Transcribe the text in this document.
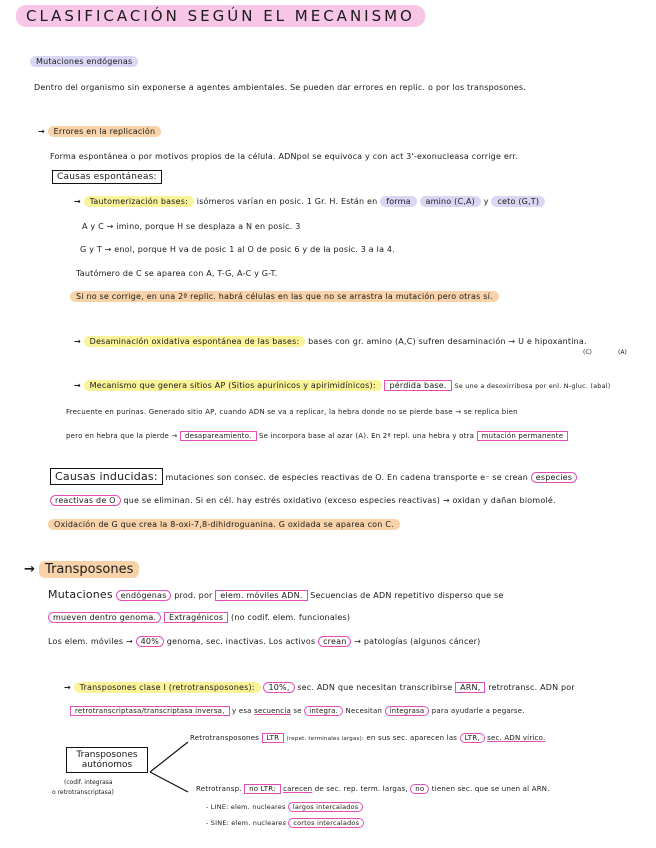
CLASIFICACIÓN SEGÚN EL MECANISMO
Mutaciones endógenas
Dentro del organismo sin exponerse a agentes ambientales. Se pueden dar errores en replic. o por los transposones.
→ Errores en la replicación
Forma espontánea o por motivos propios de la célula. ADNpol se equivoca y con act 3'-exonucleasa corrige err.
Causas espontáneas:
→ Tautomerización bases: isómeros varían en posic. 1 Gr. H. Están en forma amino (C,A) y ceto (G,T)
A y C → imino, porque H se desplaza a N en posic. 3
G y T → enol, porque H va de posic 1 al O de posic 6 y de la posic. 3 a la 4.
Tautómero de C se aparea con A, T-G, A-C y G-T.
Si no se corrige, en una 2ª replic. habrá células en las que no se arrastra la mutación pero otras sí.
→ Desaminación oxidativa espontánea de las bases: bases con gr. amino (A,C) sufren desaminación → U e hipoxantina.
(C)	(A)
→ Mecanismo que genera sitios AP (Sitios apurínicos y apirimidínicos): pérdida base. Se une a desoxirribosa por enl. N-gluc. (abal)
Frecuente en purinas. Generado sitio AP, cuando ADN se va a replicar, la hebra donde no se pierde base → se replica bien
pero en hebra que la pierde → desapareamiento. Se incorpora base al azar (A). En 2ª repl. una hebra y otra mutación permanente
Causas inducidas: mutaciones son consec. de especies reactivas de O. En cadena transporte e⁻ se crean especies
reactivas de O que se eliminan. Si en cél. hay estrés oxidativo (exceso especies reactivas) → oxidan y dañan biomolé.
Oxidación de G que crea la 8-oxi-7,8-dihidroguanina. G oxidada se aparea con C.
→ Transposones
Mutaciones endógenas prod. por elem. móviles ADN. Secuencias de ADN repetitivo disperso que se
mueven dentro genoma. Extragénicos (no codif. elem. funcionales)
Los elem. móviles → 40% genoma, sec. inactivas. Los activos crean → patologías (algunos cáncer)
→ Transposones clase I (retrotransposones): 10%, sec. ADN que necesitan transcribirse ARN, retrotransc. ADN por
retrotranscriptasa/transcriptasa inversa, y esa secuencia se integra. Necesitan integrasa para ayudarle a pegarse.
Transposones autónomos
(codif. integrasa
o retrotranscriptasa)
Retrotransposones LTR (repet. terminales largas): en sus sec. aparecen las LTR, sec. ADN vírico.
Retrotransp. no LTR: carecen de sec. rep. term. largas, no tienen sec. que se unen al ARN.
- LINE: elem. nucleares largos intercalados
- SINE: elem. nucleares cortos intercalados
